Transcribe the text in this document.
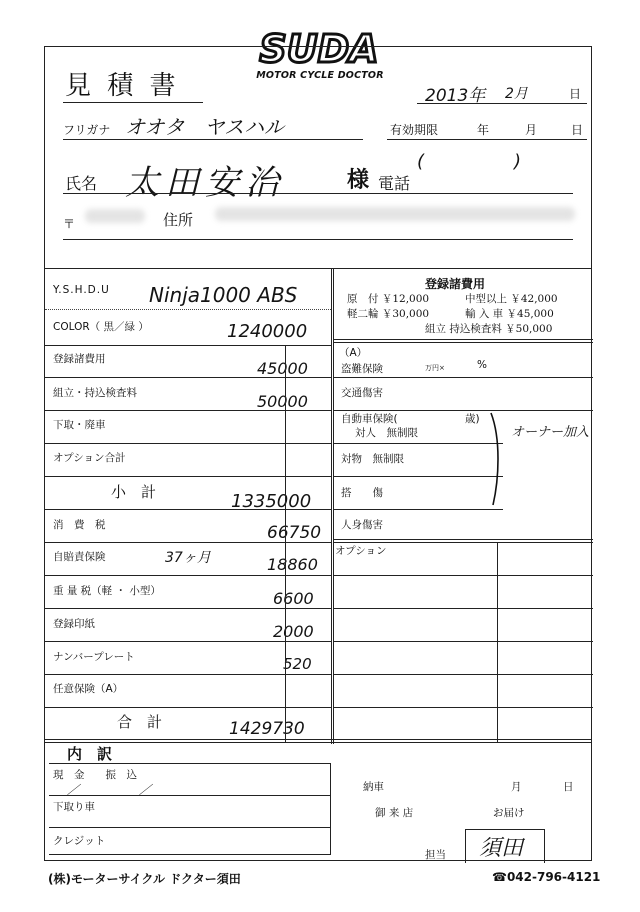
SUDA
MOTOR CYCLE DOCTOR
見 積 書	2013年 2月	日
フリガナ オオタ　ヤスハル	有効期限	年	月	日
氏名 太田安治	様 電話
(　　　　　)
〒	住所
Y.S.H.D.U Ninja1000 ABS
COLOR（ 黒／緑 ）	1240000
登録諸費用	45000
組立・持込検査料	50000
下取・廃車
オプション合計
小　計	1335000
消　費　税	66750
自賠責保険	37ヶ月	18860
重 量 税（軽 ・ 小型）	6600
登録印紙	2000
ナンバープレート	520
任意保険（A）
合　計	1429730
登録諸費用
原　付 ￥12,000	中型以上 ￥42,000
軽二輪 ￥30,000	輸 入 車 ￥45,000
組立 持込検査料 ￥50,000
（A）
盗難保険	万円×	%
交通傷害
自動車保険(	歳)
対人　無制限	オーナー加入
対物　無制限
搭　　傷
人身傷害
オプション
内　訳
現　金　　振　込
／　　　　　／
下取り車
クレジット
納車	月	日
御 来 店	お届け
担当 須田
(株)モーターサイクル ドクター須田	☎042-796-4121
